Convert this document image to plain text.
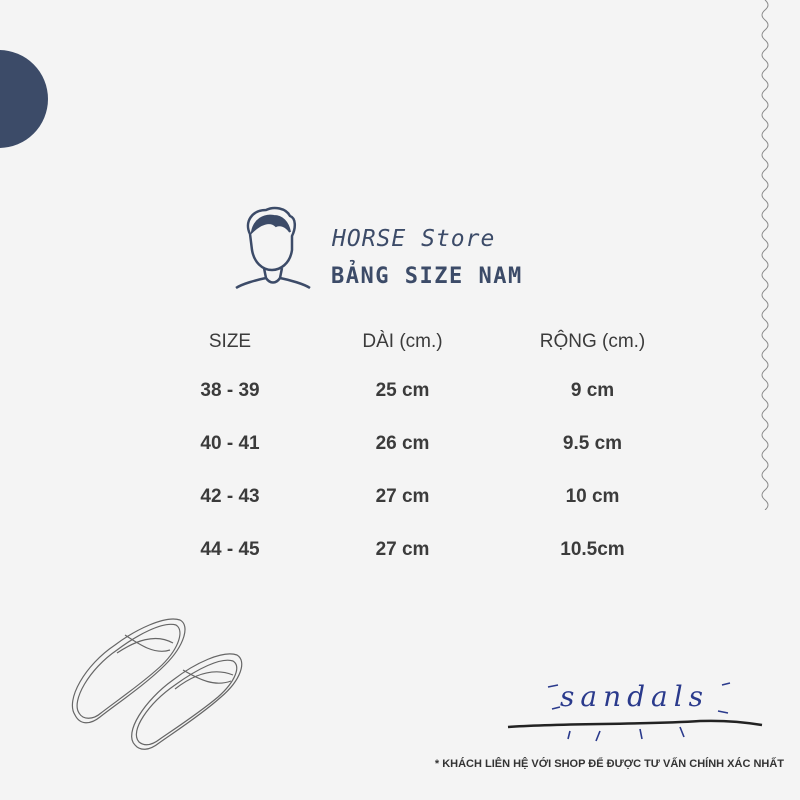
HORSE Store
BẢNG SIZE NAM
SIZE	DÀI (cm.)	RỘNG (cm.)
38 - 39	25 cm	9 cm
40 - 41	26 cm	9.5 cm
42 - 43	27 cm	10 cm
44 - 45	27 cm	10.5cm

sandals

* KHÁCH LIÊN HỆ VỚI SHOP ĐỂ ĐƯỢC TƯ VẤN CHÍNH XÁC NHẤT
